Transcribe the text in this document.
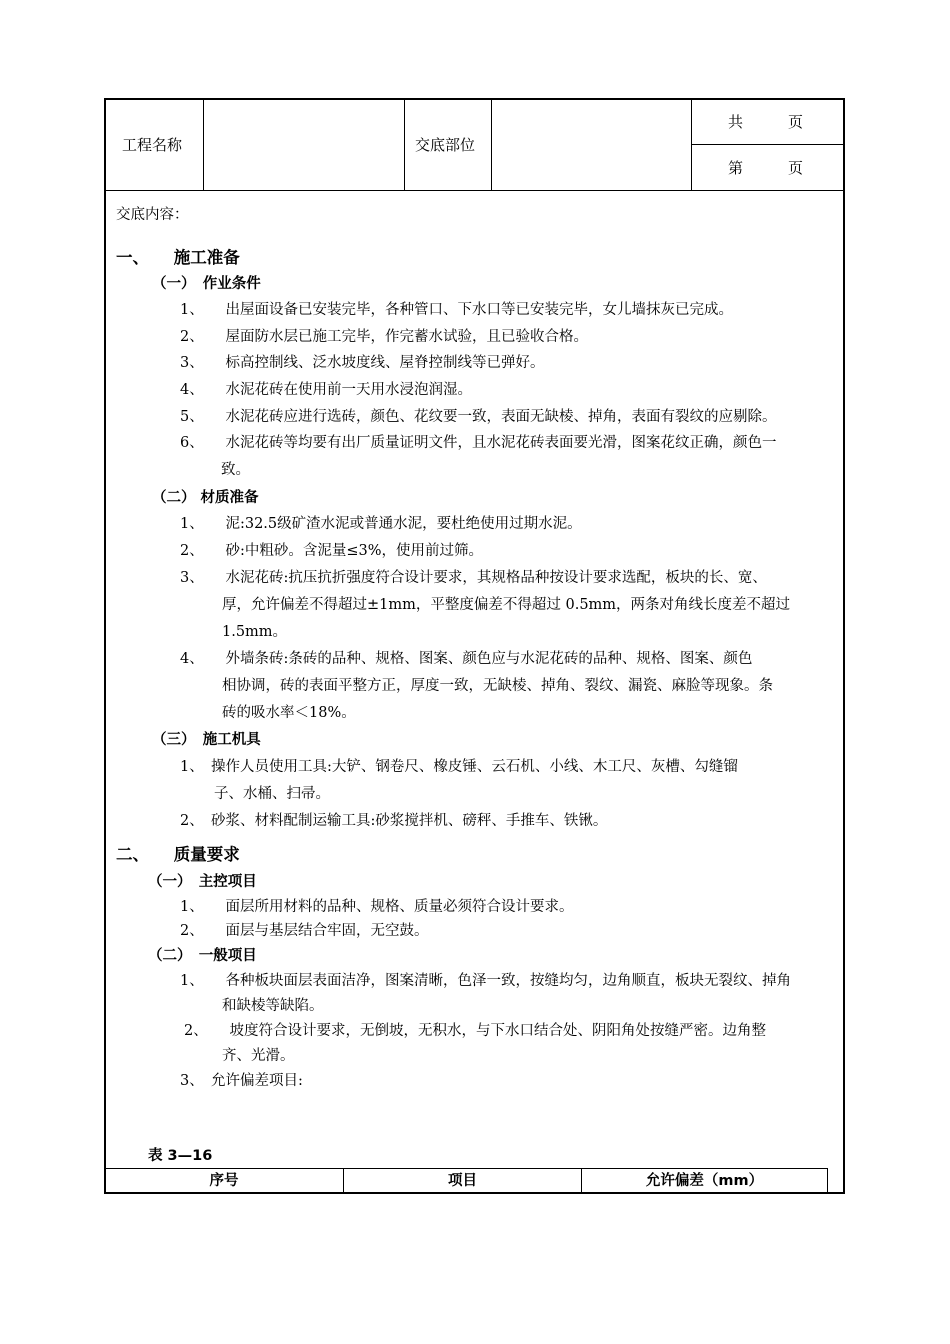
工程名称	交底部位
共　　　页
第　　　页
交底内容：
一、　　施工准备
（一）　作业条件
1、　　出屋面设备已安装完毕，各种管口、下水口等已安装完毕，女儿墙抹灰已完成。
2、　　屋面防水层已施工完毕，作完蓄水试验，且已验收合格。
3、　　标高控制线、泛水坡度线、屋脊控制线等已弹好。
4、　　水泥花砖在使用前一天用水浸泡润湿。
5、　　水泥花砖应进行选砖，颜色、花纹要一致，表面无缺棱、掉角，表面有裂纹的应剔除。
6、　　水泥花砖等均要有出厂质量证明文件，且水泥花砖表面要光滑，图案花纹正确，颜色一
致。
（二） 材质准备
1、　　泥:32.5级矿渣水泥或普通水泥，要杜绝使用过期水泥。
2、　　砂:中粗砂。含泥量≤3%，使用前过筛。
3、　　水泥花砖:抗压抗折强度符合设计要求，其规格品种按设计要求选配，板块的长、宽、
厚，允许偏差不得超过±1mm，平整度偏差不得超过 0.5mm，两条对角线长度差不超过
1.5mm。
4、　　外墙条砖:条砖的品种、规格、图案、颜色应与水泥花砖的品种、规格、图案、颜色
相协调，砖的表面平整方正，厚度一致，无缺棱、掉角、裂纹、漏瓷、麻脸等现象。条
砖的吸水率＜18%。
（三）　施工机具
1、　操作人员使用工具:大铲、钢卷尺、橡皮锤、云石机、小线、木工尺、灰槽、勾缝镏
子、水桶、扫帚。
2、　砂浆、材料配制运输工具:砂浆搅拌机、磅秤、手推车、铁锹。
二、　　质量要求
（一）　主控项目
1、　　面层所用材料的品种、规格、质量必须符合设计要求。
2、　　面层与基层结合牢固，无空鼓。
（二）　一般项目
1、　　各种板块面层表面洁净，图案清晰，色泽一致，按缝均匀，边角顺直，板块无裂纹、掉角
和缺棱等缺陷。
2、　　坡度符合设计要求，无倒坡，无积水，与下水口结合处、阴阳角处按缝严密。边角整
齐、光滑。
3、　允许偏差项目:
表 3—16
序号	项目	允许偏差（mm）
